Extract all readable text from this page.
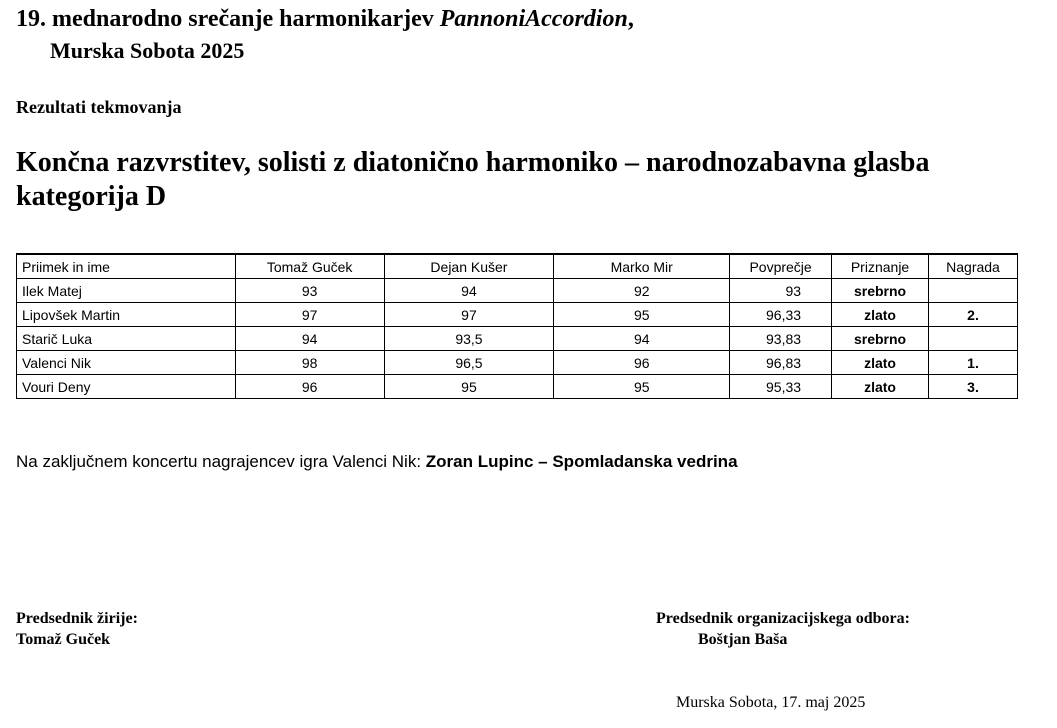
19. mednarodno srečanje harmonikarjev PannoniAccordion,
Murska Sobota 2025
Rezultati tekmovanja
Končna razvrstitev, solisti z diatonično harmoniko – narodnozabavna glasba
kategorija D
Priimek in ime	Tomaž Guček	Dejan Kušer	Marko Mir	Povprečje	Priznanje	Nagrada
Ilek Matej	93	94	92	93	srebrno	
Lipovšek Martin	97	97	95	96,33	zlato	2.
Starič Luka	94	93,5	94	93,83	srebrno	
Valenci Nik	98	96,5	96	96,83	zlato	1.
Vouri Deny	96	95	95	95,33	zlato	3.
Na zaključnem koncertu nagrajencev igra Valenci Nik: Zoran Lupinc – Spomladanska vedrina
Predsednik žirije:
Tomaž Guček
Predsednik organizacijskega odbora:
Boštjan Baša
Murska Sobota, 17. maj 2025
